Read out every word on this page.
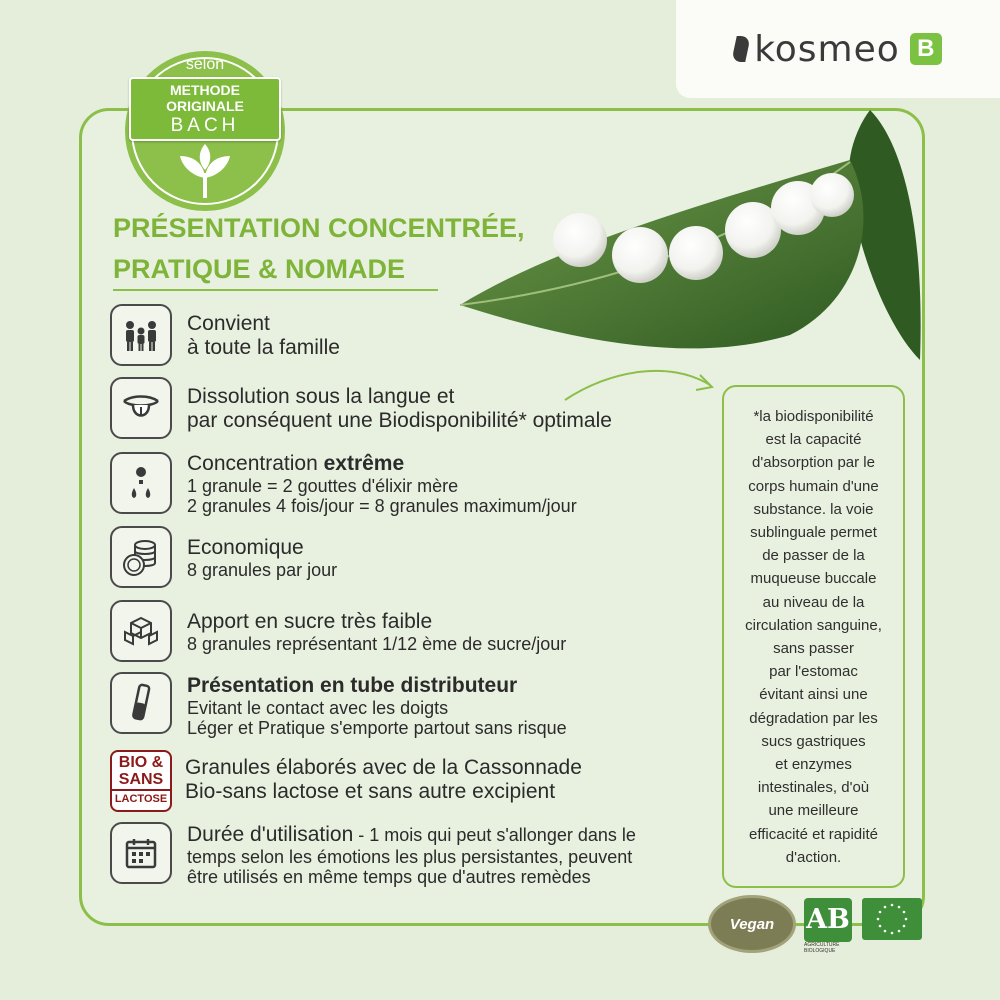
kosmeo B
selon
METHODE
ORIGINALE
BACH
PRÉSENTATION CONCENTRÉE,
PRATIQUE & NOMADE
Convient
à toute la famille
Dissolution sous la langue et
par conséquent une Biodisponibilité* optimale
Concentration extrême
1 granule = 2 gouttes d'élixir mère
2 granules 4 fois/jour = 8 granules maximum/jour
Economique
8 granules par jour
Apport en sucre très faible
8 granules représentant 1/12 ème de sucre/jour
Présentation en tube distributeur
Evitant le contact avec les doigts
Léger et Pratique s'emporte partout sans risque
BIO &
SANS
LACTOSE
Granules élaborés avec de la Cassonnade
Bio-sans lactose et sans autre excipient
Durée d'utilisation - 1 mois qui peut s'allonger dans le
temps selon les émotions les plus persistantes, peuvent
être utilisés en même temps que d'autres remèdes
*la biodisponibilité
est la capacité
d'absorption par le
corps humain d'une
substance. la voie
sublinguale permet
de passer de la
muqueuse buccale
au niveau de la
circulation sanguine,
sans passer
par l'estomac
évitant ainsi une
dégradation par les
sucs gastriques
et enzymes
intestinales, d'où
une meilleure
efficacité et rapidité
d'action.
Vegan AB
AGRICULTURE
BIOLOGIQUE
